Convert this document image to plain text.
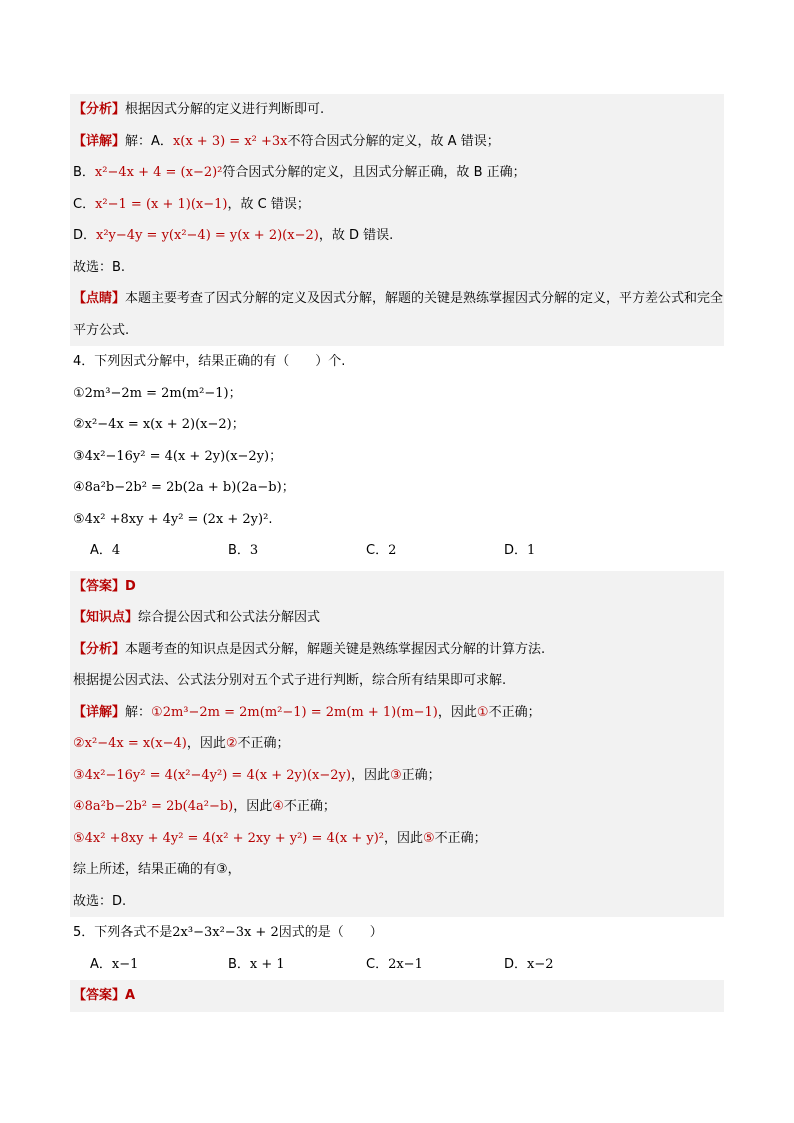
【分析】根据因式分解的定义进行判断即可.
【详解】解：A．x(x + 3) = x² +3x不符合因式分解的定义，故 A 错误；
B．x²−4x + 4 = (x−2)²符合因式分解的定义，且因式分解正确，故 B 正确；
C．x²−1 = (x + 1)(x−1)，故 C 错误；
D．x²y−4y = y(x²−4) = y(x + 2)(x−2)，故 D 错误.
故选：B.
【点睛】本题主要考查了因式分解的定义及因式分解，解题的关键是熟练掌握因式分解的定义，平方差公式和完全平方公式.
4．下列因式分解中，结果正确的有（　　）个.
①2m³−2m = 2m(m²−1)；
②x²−4x = x(x + 2)(x−2)；
③4x²−16y² = 4(x + 2y)(x−2y)；
④8a²b−2b² = 2b(2a + b)(2a−b)；
⑤4x² +8xy + 4y² = (2x + 2y)².
A．4	B．3	C．2	D．1
【答案】D
【知识点】综合提公因式和公式法分解因式
【分析】本题考查的知识点是因式分解，解题关键是熟练掌握因式分解的计算方法.
根据提公因式法、公式法分别对五个式子进行判断，综合所有结果即可求解.
【详解】解：①2m³−2m = 2m(m²−1) = 2m(m + 1)(m−1)，因此①不正确；
②x²−4x = x(x−4)，因此②不正确；
③4x²−16y² = 4(x²−4y²) = 4(x + 2y)(x−2y)，因此③正确；
④8a²b−2b² = 2b(4a²−b)，因此④不正确；
⑤4x² +8xy + 4y² = 4(x² + 2xy + y²) = 4(x + y)²，因此⑤不正确；
综上所述，结果正确的有③，
故选：D.
5．下列各式不是2x³−3x²−3x + 2因式的是（　　）
A．x−1	B．x + 1	C．2x−1	D．x−2
【答案】A
